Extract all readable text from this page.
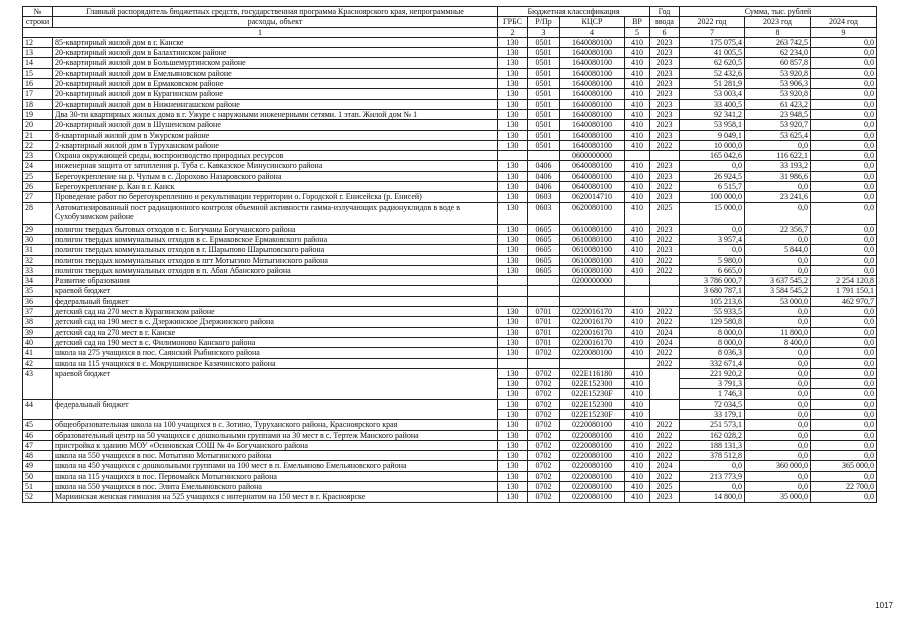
№	Главный распорядитель бюджетных средств, государственная программа Красноярского края, непрограммные	Бюджетная классификация				Год	Сумма, тыс. рублей		
строки	расходы, объект	ГРБС	Р/Пр	КЦСР	ВР	ввода	2022 год	2023 год	2024 год
1		2	3	4	5	6	7	8	9
12	85-квартирный жилой дом в г. Канске	130	0501	1640080100	410	2023	175 075,4	263 742,5	0,0
13	20-квартирный жилой дом в Балахтинском районе	130	0501	1640080100	410	2023	41 005,5	62 234,0	0,0
14	20-квартирный жилой дом в Большемуртинском районе	130	0501	1640080100	410	2023	62 620,5	60 857,8	0,0
15	20-квартирный жилой дом в Емельяновском районе	130	0501	1640080100	410	2023	52 432,6	53 920,8	0,0
16	20-квартирный жилой дом в Ермаковском районе	130	0501	1640080100	410	2023	51 281,9	53 906,3	0,0
17	20-квартирный жилой дом в Курагинском районе	130	0501	1640080100	410	2023	53 003,4	53 920,8	0,0
18	20-квартирный жилой дом в Нижнеингашском районе	130	0501	1640080100	410	2023	33 400,5	61 423,2	0,0
19	Два 30-ти квартирных жилых дома в г. Ужуре с наружными инженерными сетями. 1 этап. Жилой дом № 1	130	0501	1640080100	410	2023	92 341,2	23 948,5	0,0
20	20-квартирный жилой дом в Шушенском районе	130	0501	1640080100	410	2023	53 958,1	53 920,7	0,0
21	8-квартирный жилой дом в Ужурском районе	130	0501	1640080100	410	2023	9 049,1	53 625,4	0,0
22	2-квартирный жилой дом в Туруханском районе	130	0501	1640080100	410	2022	10 000,0	0,0	0,0
23	Охрана окружающей среды, воспроизводство природных ресурсов			0600000000			165 042,6	116 622,1	0,0
24	инженерная защита от затопления р. Туба с. Кавказское Минусинского района	130	0406	0640080100	410	2023	0,0	33 193,2	0,0
25	Берегоукрепление на р. Чулым в с. Дорохово Назаровского района	130	0406	0640080100	410	2023	26 924,5	31 986,6	0,0
26	Берегоукрепление р. Кан в г. Канск	130	0406	0640080100	410	2022	6 515,7	0,0	0,0
27	Проведение работ по берегоукреплению и рекультивации территории о. Городской г. Енисейска (р. Енисей)	130	0603	0620014710	410	2023	100 000,0	23 241,6	0,0
28	Автоматизированный пост радиационного контроля объемной активности гамма-излучающих радионуклидов в воде в Сухобузимском районе	130	0603	0620080100	410	2025	15 000,0	0,0	0,0
29	полигон твердых бытовых отходов в с. Богучаны Богучанского района	130	0605	0610080100	410	2023	0,0	22 356,7	0,0
30	полигон твердых коммунальных отходов в с. Ермаковское Ермаковского района	130	0605	0610080100	410	2022	3 957,4	0,0	0,0
31	полигон твердых коммунальных отходов в г. Шарыпово Шарыповского района	130	0605	0610080100	410	2023	0,0	5 844,0	0,0
32	полигон твердых коммунальных отходов в пгт Мотыгино Мотыгинского района	130	0605	0610080100	410	2022	5 980,0	0,0	0,0
33	полигон твердых коммунальных отходов в п. Абан Абанского района	130	0605	0610080100	410	2022	6 665,0	0,0	0,0
34	Развитие образования			0200000000			3 786 000,7	3 637 545,2	2 254 120,8
35	краевой бюджет						3 680 787,1	3 584 545,2	1 791 150,1
36	федеральный бюджет						105 213,6	53 000,0	462 970,7
37	детский сад на 270 мест в Курагинском районе	130	0701	0220016170	410	2022	55 933,5	0,0	0,0
38	детский сад на 190 мест в с. Дзержинское Дзержинского района	130	0701	0220016170	410	2022	129 580,8	0,0	0,0
39	детский сад на 270 мест в г. Канске	130	0701	0220016170	410	2024	8 000,0	11 800,0	0,0
40	детский сад на 190 мест в с. Филимоново Канского района	130	0701	0220016170	410	2024	8 000,0	8 400,0	0,0
41	школа на 275 учащихся в пос. Саянский Рыбинского района	130	0702	0220080100	410	2022	8 036,3	0,0	0,0
42	школа на 115 учащихся в с. Мокрушинское Казачинского района					2022	332 671,4	0,0	0,0
43	краевой бюджет	130	0702	022E116180	410		221 920,2	0,0	0,0
		130	0702	022E152300	410		3 791,3	0,0	0,0
		130	0702	022E15230F	410		1 746,3	0,0	0,0
44	федеральный бюджет	130	0702	022E152300	410		72 034,5	0,0	0,0
		130	0702	022E15230F	410		33 179,1	0,0	0,0
45	общеобразовательная школа на 100 учащихся в с. Зотино, Туруханского района, Красноярского края	130	0702	0220080100	410	2022	251 573,1	0,0	0,0
46	образовательный центр на 50 учащихся с дошкольными группами на 30 мест в с. Тертеж Манского района	130	0702	0220080100	410	2022	162 028,2	0,0	0,0
47	пристройка к зданию МОУ «Осиновская СОШ № 4» Богучанского района	130	0702	0220080100	410	2022	188 131,3	0,0	0,0
48	школа на 550 учащихся в пос. Мотыгино Мотыгинского района	130	0702	0220080100	410	2022	378 512,8	0,0	0,0
49	школа на 450 учащихся с дошкольными группами на 100 мест в п. Емельяново Емельяновского района	130	0702	0220080100	410	2024	0,0	360 000,0	365 000,0
50	школа на 115 учащихся в пос. Первомайск Мотыгинского района	130	0702	0220080100	410	2022	213 773,9	0,0	0,0
51	школа на 550 учащихся в пос. Элита Емельяновского района	130	0702	0220080100	410	2025	0,0	0,0	22 700,0
52	Мариинская женская гимназия на 525 учащихся с интернатом на 150 мест в г. Красноярске	130	0702	0220080100	410	2023	14 800,0	35 000,0	0,0
1017
